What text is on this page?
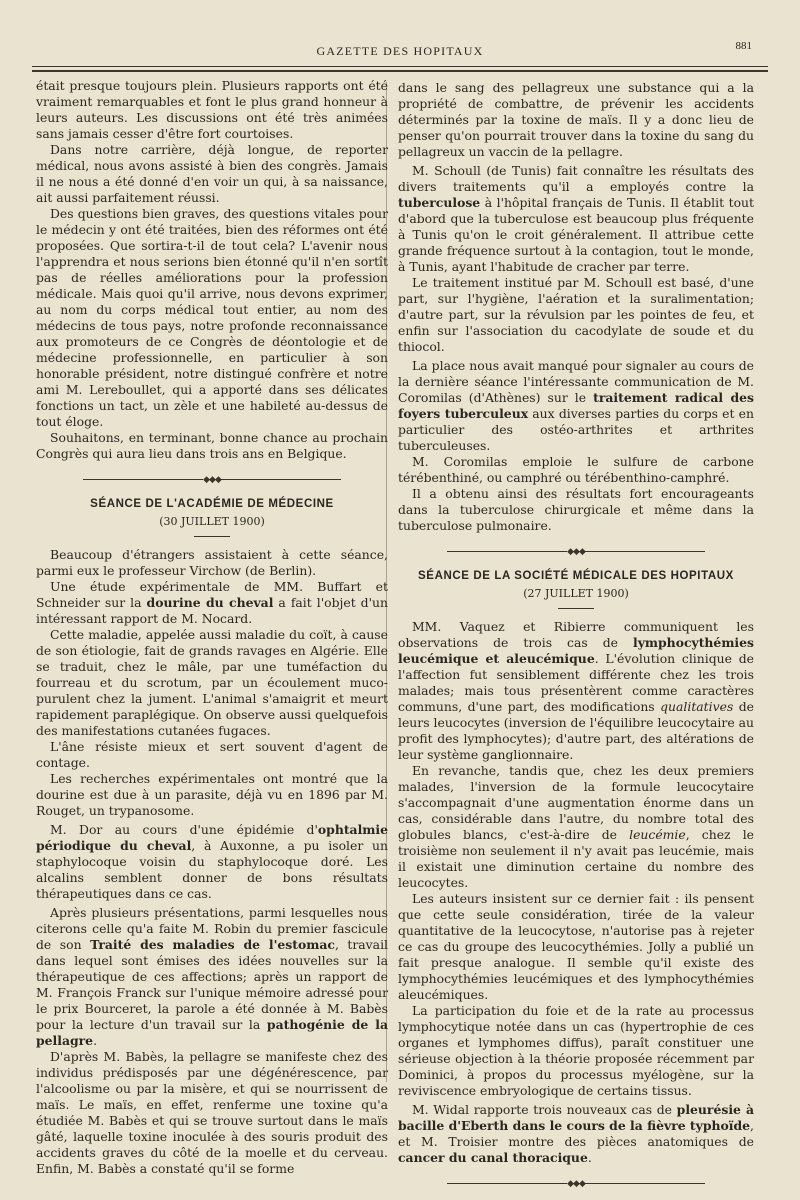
GAZETTE DES HOPITAUX	881

était presque toujours plein. Plusieurs rapports ont été vraiment remarquables et font le plus grand honneur à leurs auteurs. Les discussions ont été très animées sans jamais cesser d'être fort courtoises.

Dans notre carrière, déjà longue, de reporter médical, nous avons assisté à bien des congrès. Jamais il ne nous a été donné d'en voir un qui, à sa naissance, ait aussi parfaitement réussi.

Des questions bien graves, des questions vitales pour le médecin y ont été traitées, bien des réformes ont été proposées. Que sortira-t-il de tout cela? L'avenir nous l'apprendra et nous serions bien étonné qu'il n'en sortît pas de réelles améliorations pour la profession médicale. Mais quoi qu'il arrive, nous devons exprimer, au nom du corps médical tout entier, au nom des médecins de tous pays, notre profonde reconnaissance aux promoteurs de ce Congrès de déontologie et de médecine professionnelle, en particulier à son honorable président, notre distingué confrère et notre ami M. Lereboullet, qui a apporté dans ses délicates fonctions un tact, un zèle et une habileté au-dessus de tout éloge.

Souhaitons, en terminant, bonne chance au prochain Congrès qui aura lieu dans trois ans en Belgique.

◆◆◆
SÉANCE DE L'ACADÉMIE DE MÉDECINE
(30 JUILLET 1900)

Beaucoup d'étrangers assistaient à cette séance, parmi eux le professeur Virchow (de Berlin).

Une étude expérimentale de MM. Buffart et Schneider sur la dourine du cheval a fait l'objet d'un intéressant rapport de M. Nocard.

Cette maladie, appelée aussi maladie du coït, à cause de son étiologie, fait de grands ravages en Algérie. Elle se traduit, chez le mâle, par une tuméfaction du fourreau et du scrotum, par un écoulement muco-purulent chez la jument. L'animal s'amaigrit et meurt rapidement paraplégique. On observe aussi quelquefois des manifestations cutanées fugaces.

L'âne résiste mieux et sert souvent d'agent de contage.

Les recherches expérimentales ont montré que la dourine est due à un parasite, déjà vu en 1896 par M. Rouget, un trypanosome.

M. Dor au cours d'une épidémie d'ophtalmie périodique du cheval, à Auxonne, a pu isoler un staphylocoque voisin du staphylocoque doré. Les alcalins semblent donner de bons résultats thérapeutiques dans ce cas.

Après plusieurs présentations, parmi lesquelles nous citerons celle qu'a faite M. Robin du premier fascicule de son Traité des maladies de l'estomac, travail dans lequel sont émises des idées nouvelles sur la thérapeutique de ces affections; après un rapport de M. François Franck sur l'unique mémoire adressé pour le prix Bourceret, la parole a été donnée à M. Babès pour la lecture d'un travail sur la pathogénie de la pellagre.

D'après M. Babès, la pellagre se manifeste chez des individus prédisposés par une dégénérescence, par l'alcoolisme ou par la misère, et qui se nourrissent de maïs. Le maïs, en effet, renferme une toxine qu'a étudiée M. Babès et qui se trouve surtout dans le maïs gâté, laquelle toxine inoculée à des souris produit des accidents graves du côté de la moelle et du cerveau. Enfin, M. Babès a constaté qu'il se forme

dans le sang des pellagreux une substance qui a la propriété de combattre, de prévenir les accidents déterminés par la toxine de maïs. Il y a donc lieu de penser qu'on pourrait trouver dans la toxine du sang du pellagreux un vaccin de la pellagre.

M. Schoull (de Tunis) fait connaître les résultats des divers traitements qu'il a employés contre la tuberculose à l'hôpital français de Tunis. Il établit tout d'abord que la tuberculose est beaucoup plus fréquente à Tunis qu'on le croit généralement. Il attribue cette grande fréquence surtout à la contagion, tout le monde, à Tunis, ayant l'habitude de cracher par terre.

Le traitement institué par M. Schoull est basé, d'une part, sur l'hygiène, l'aération et la suralimentation; d'autre part, sur la révulsion par les pointes de feu, et enfin sur l'association du cacodylate de soude et du thiocol.

La place nous avait manqué pour signaler au cours de la dernière séance l'intéressante communication de M. Coromilas (d'Athènes) sur le traitement radical des foyers tuberculeux aux diverses parties du corps et en particulier des ostéo-arthrites et arthrites tuberculeuses.

M. Coromilas emploie le sulfure de carbone térébenthiné, ou camphré ou térébenthino-camphré.

Il a obtenu ainsi des résultats fort encourageants dans la tuberculose chirurgicale et même dans la tuberculose pulmonaire.

◆◆◆
SÉANCE DE LA SOCIÉTÉ MÉDICALE DES HOPITAUX
(27 JUILLET 1900)

MM. Vaquez et Ribierre communiquent les observations de trois cas de lymphocythémies leucémique et aleucémique. L'évolution clinique de l'affection fut sensiblement différente chez les trois malades; mais tous présentèrent comme caractères communs, d'une part, des modifications qualitatives de leurs leucocytes (inversion de l'équilibre leucocytaire au profit des lymphocytes); d'autre part, des altérations de leur système ganglionnaire.

En revanche, tandis que, chez les deux premiers malades, l'inversion de la formule leucocytaire s'accompagnait d'une augmentation énorme dans un cas, considérable dans l'autre, du nombre total des globules blancs, c'est-à-dire de leucémie, chez le troisième non seulement il n'y avait pas leucémie, mais il existait une diminution certaine du nombre des leucocytes.

Les auteurs insistent sur ce dernier fait : ils pensent que cette seule considération, tirée de la valeur quantitative de la leucocytose, n'autorise pas à rejeter ce cas du groupe des leucocythémies. Jolly a publié un fait presque analogue. Il semble qu'il existe des lymphocythémies leucémiques et des lymphocythémies aleucémiques.

La participation du foie et de la rate au processus lymphocytique notée dans un cas (hypertrophie de ces organes et lymphomes diffus), paraît constituer une sérieuse objection à la théorie proposée récemment par Dominici, à propos du processus myélogène, sur la reviviscence embryologique de certains tissus.

M. Widal rapporte trois nouveaux cas de pleurésie à bacille d'Eberth dans le cours de la fièvre typhoïde, et M. Troisier montre des pièces anatomiques de cancer du canal thoracique.

◆◆◆
